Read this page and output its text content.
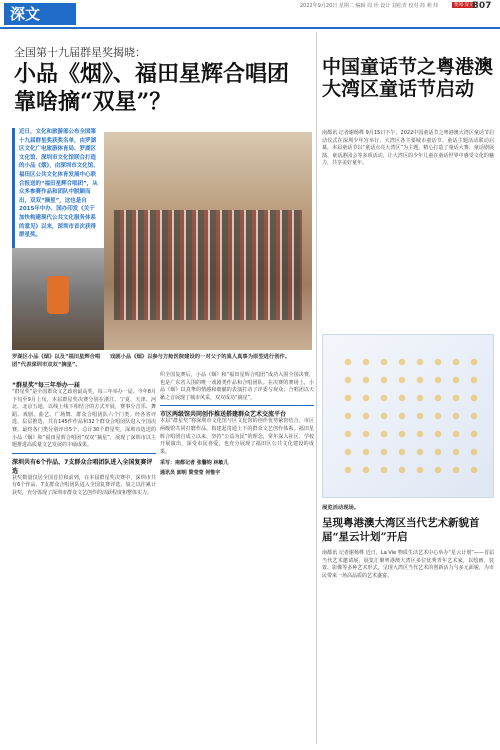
深文	2022年9月20日 星期二 编辑 周 珍 设计 刘松青 校对 简 利 炜	要闻·深文
B07
全国第十九届群星奖揭晓：
小品《烟》、福田星辉合唱团靠啥摘“双星”？
近日，文化和旅游部公布全国第十九届群星奖获奖名单，由罗湖区文化广电旅游体育局、罗湖区文化馆、深圳市文化馆联合打造的小品《烟》，由深圳市文化馆、福田区公共文化体育发展中心联合报送的“福田星辉合唱团”，从众多参赛作品和团队中脱颖而出，双双“摘星”，这也是自2015年中办、国办印发《关于加快构建现代公共文化服务体系的意见》以来，深圳市首次获得群星奖。
罗湖区小品《烟》以及“福田星辉合唱团”代表深圳市双双“摘星”。
戏剧小品《烟》以参与方舱医院建设的一对父子的真人真事为原型进行创作。
“群星奖”每三年举办一届
“群星奖”是全国群众文艺政府最高奖，每三年举办一届。今年8月下旬至9月上旬，本届群星奖决赛分别在浙江、宁夏、天津、河北、北京五地，以线上线下相结合的方式开展，赛事分音乐、舞蹈、戏剧、曲艺、广场舞、群众合唱团队六个门类。经各省评选、层层推选，共有145件作品和32个群众合唱团队进入全国决赛。最终各门类分别评出5个，总计30个群星奖，深圳市选送的小品《烟》和“福田星辉合唱团”双双“摘星”，展现了深圳市以主题推进高质量文艺发展的丰硕成果。
深圳共有6个作品、7支群众合唱团队进入全国复赛评选
获奖数量仅居全国首位和前列，在本届群星奖决赛中，深圳市共有6个作品、7支群众合唱团队进入全国复赛评选，加之以往累计获奖，充分体现了深圳市群众文艺创作的活跃程度和整体实力。
织全国复赛后，小品《烟》和“福田星辉合唱团”成功入围全国决赛，也是广东省入围的唯一戏剧类作品和合唱团队。在决赛的赛场上，小品《烟》以真挚的情感和细腻的表演打动了评委与观众；合唱团以天籁之音展现了城市风采，双双成功“摘星”。
市区两级馆共同创作推送搭建群众艺术交流平台
本届“群星奖”将深圳市文化馆与区文化馆的创作优势紧密结合，市区两级馆共同打磨作品，构建起贯通上下的群众文艺创作体系。福田星辉合唱团自成立以来，坚持“公益为民”的理念，常年深入社区、学校开展演出，深受市民喜爱，也充分展现了福田区公共文化建设的成果。
采写：南都记者 张馨钧 林敏儿
通讯员 卸明 简莹莹 何惟宇
中国童话节之粤港澳大湾区童话节启动
南都讯 记者谢杨桦 9月15日下午，2022中国童话节之粤港澳大湾区童话节启动仪式在深圳少年宫举行，大湾区各主要城市童话节、童话主题活动联动启幕，本届童话节以“童话点亮大湾区”为主题，精心打造了童话大赛、童话剧展演、童话游园会等多项活动，让大湾区的少年儿童在童话世界中感受文化的魅力，共享美好童年。
展览活动现场。
呈现粤港澳大湾区当代艺术新貌首届“星云计划”开启
南都讯 记者谢杨桦 近日，La Vie 物质生活艺术中心举办“星云计划”——首届当代艺术邀请展，展览汇聚粤港澳大湾区多位优秀青年艺术家，以绘画、装置、影像等多种艺术形式，呈现大湾区当代艺术的创新活力与多元面貌，为市民带来一场高品质的艺术盛宴。
